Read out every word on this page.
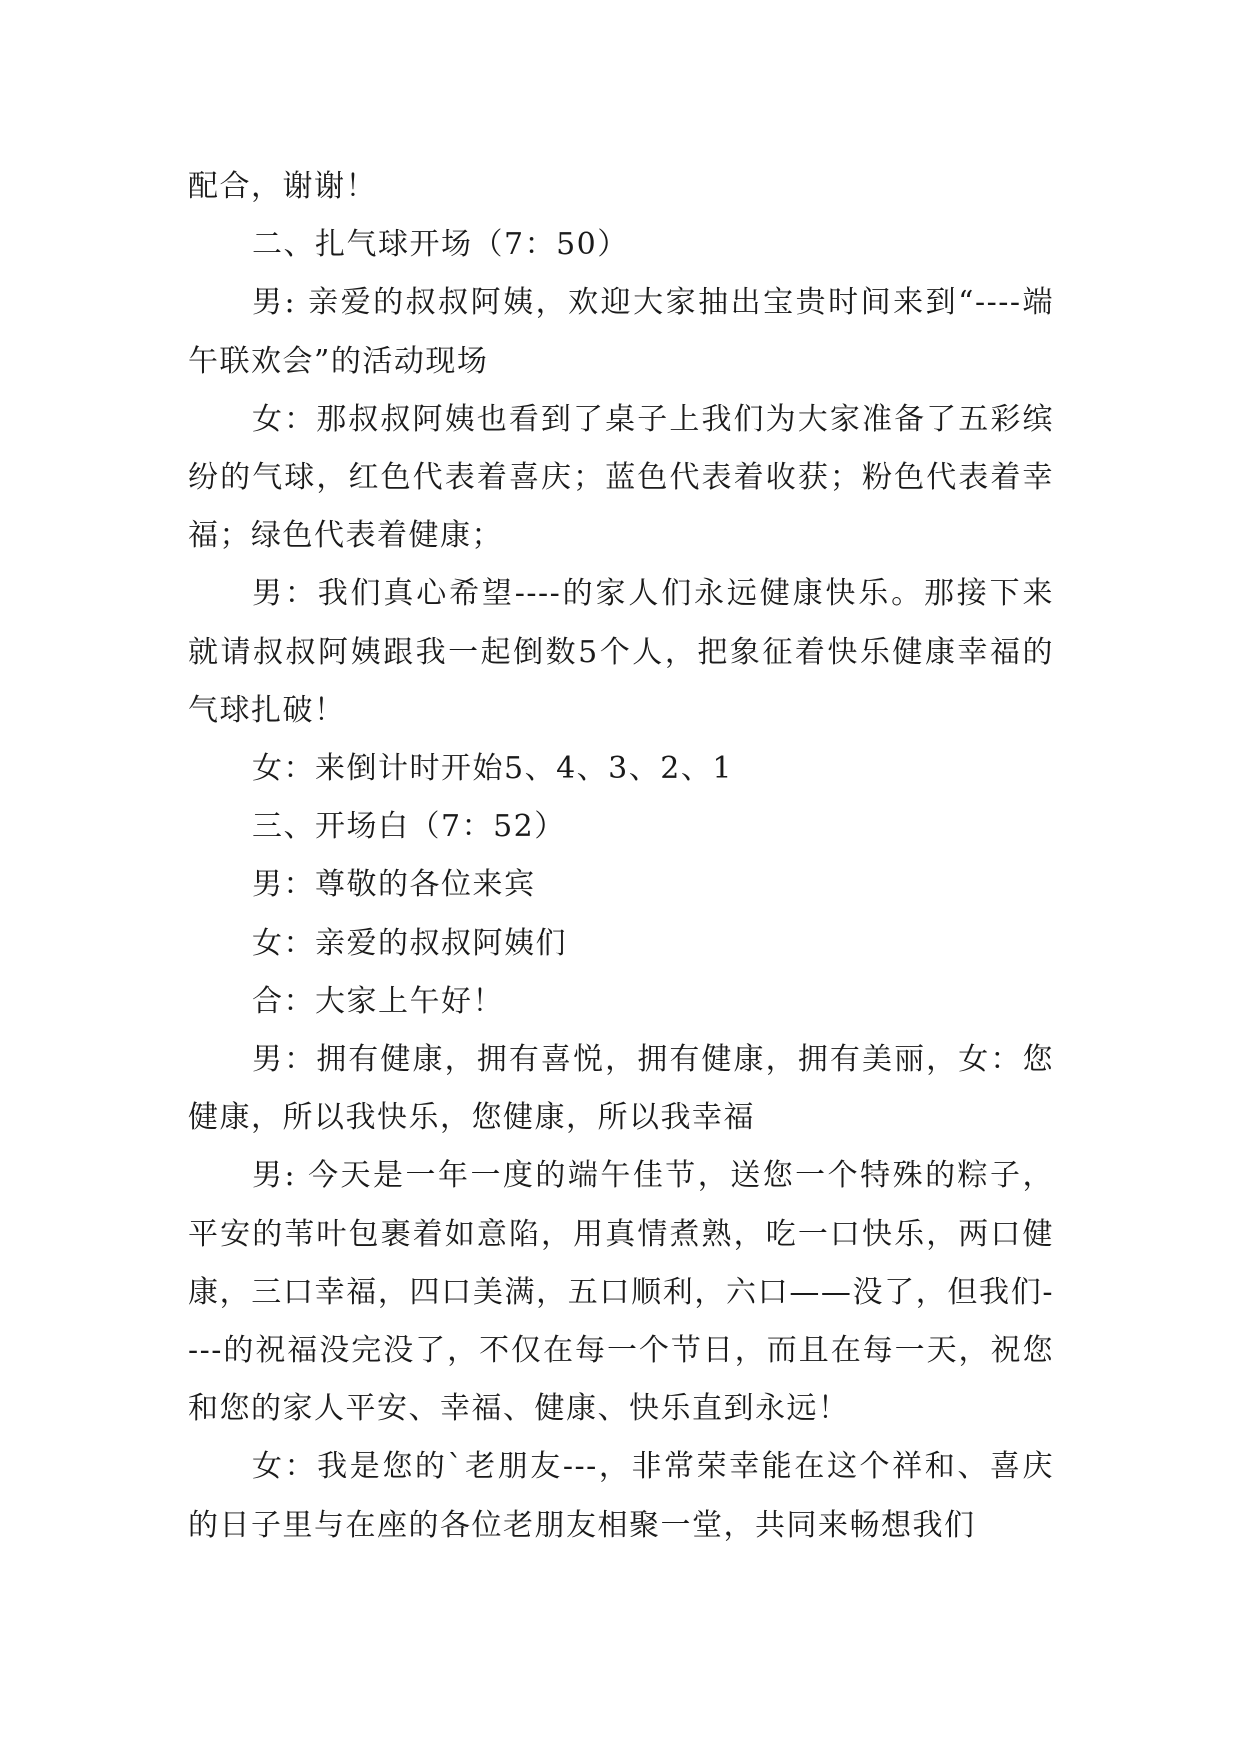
配合，谢谢！

二、扎气球开场（7：50）

男: 亲爱的叔叔阿姨，欢迎大家抽出宝贵时间来到“----端午联欢会”的活动现场

女：那叔叔阿姨也看到了桌子上我们为大家准备了五彩缤纷的气球，红色代表着喜庆；蓝色代表着收获；粉色代表着幸福；绿色代表着健康；

男：我们真心希望----的家人们永远健康快乐。那接下来就请叔叔阿姨跟我一起倒数5个人，把象征着快乐健康幸福的气球扎破！

女：来倒计时开始5、4、3、2、1

三、开场白（7：52）

男：尊敬的各位来宾

女：亲爱的叔叔阿姨们

合：大家上午好！

男：拥有健康，拥有喜悦，拥有健康，拥有美丽，女：您健康，所以我快乐，您健康，所以我幸福

男: 今天是一年一度的端午佳节，送您一个特殊的粽子，平安的苇叶包裹着如意陷，用真情煮熟，吃一口快乐，两口健康，三口幸福，四口美满，五口顺利，六口——没了，但我们----的祝福没完没了，不仅在每一个节日，而且在每一天，祝您和您的家人平安、幸福、健康、快乐直到永远！

女：我是您的`老朋友---，非常荣幸能在这个祥和、喜庆的日子里与在座的各位老朋友相聚一堂，共同来畅想我们
